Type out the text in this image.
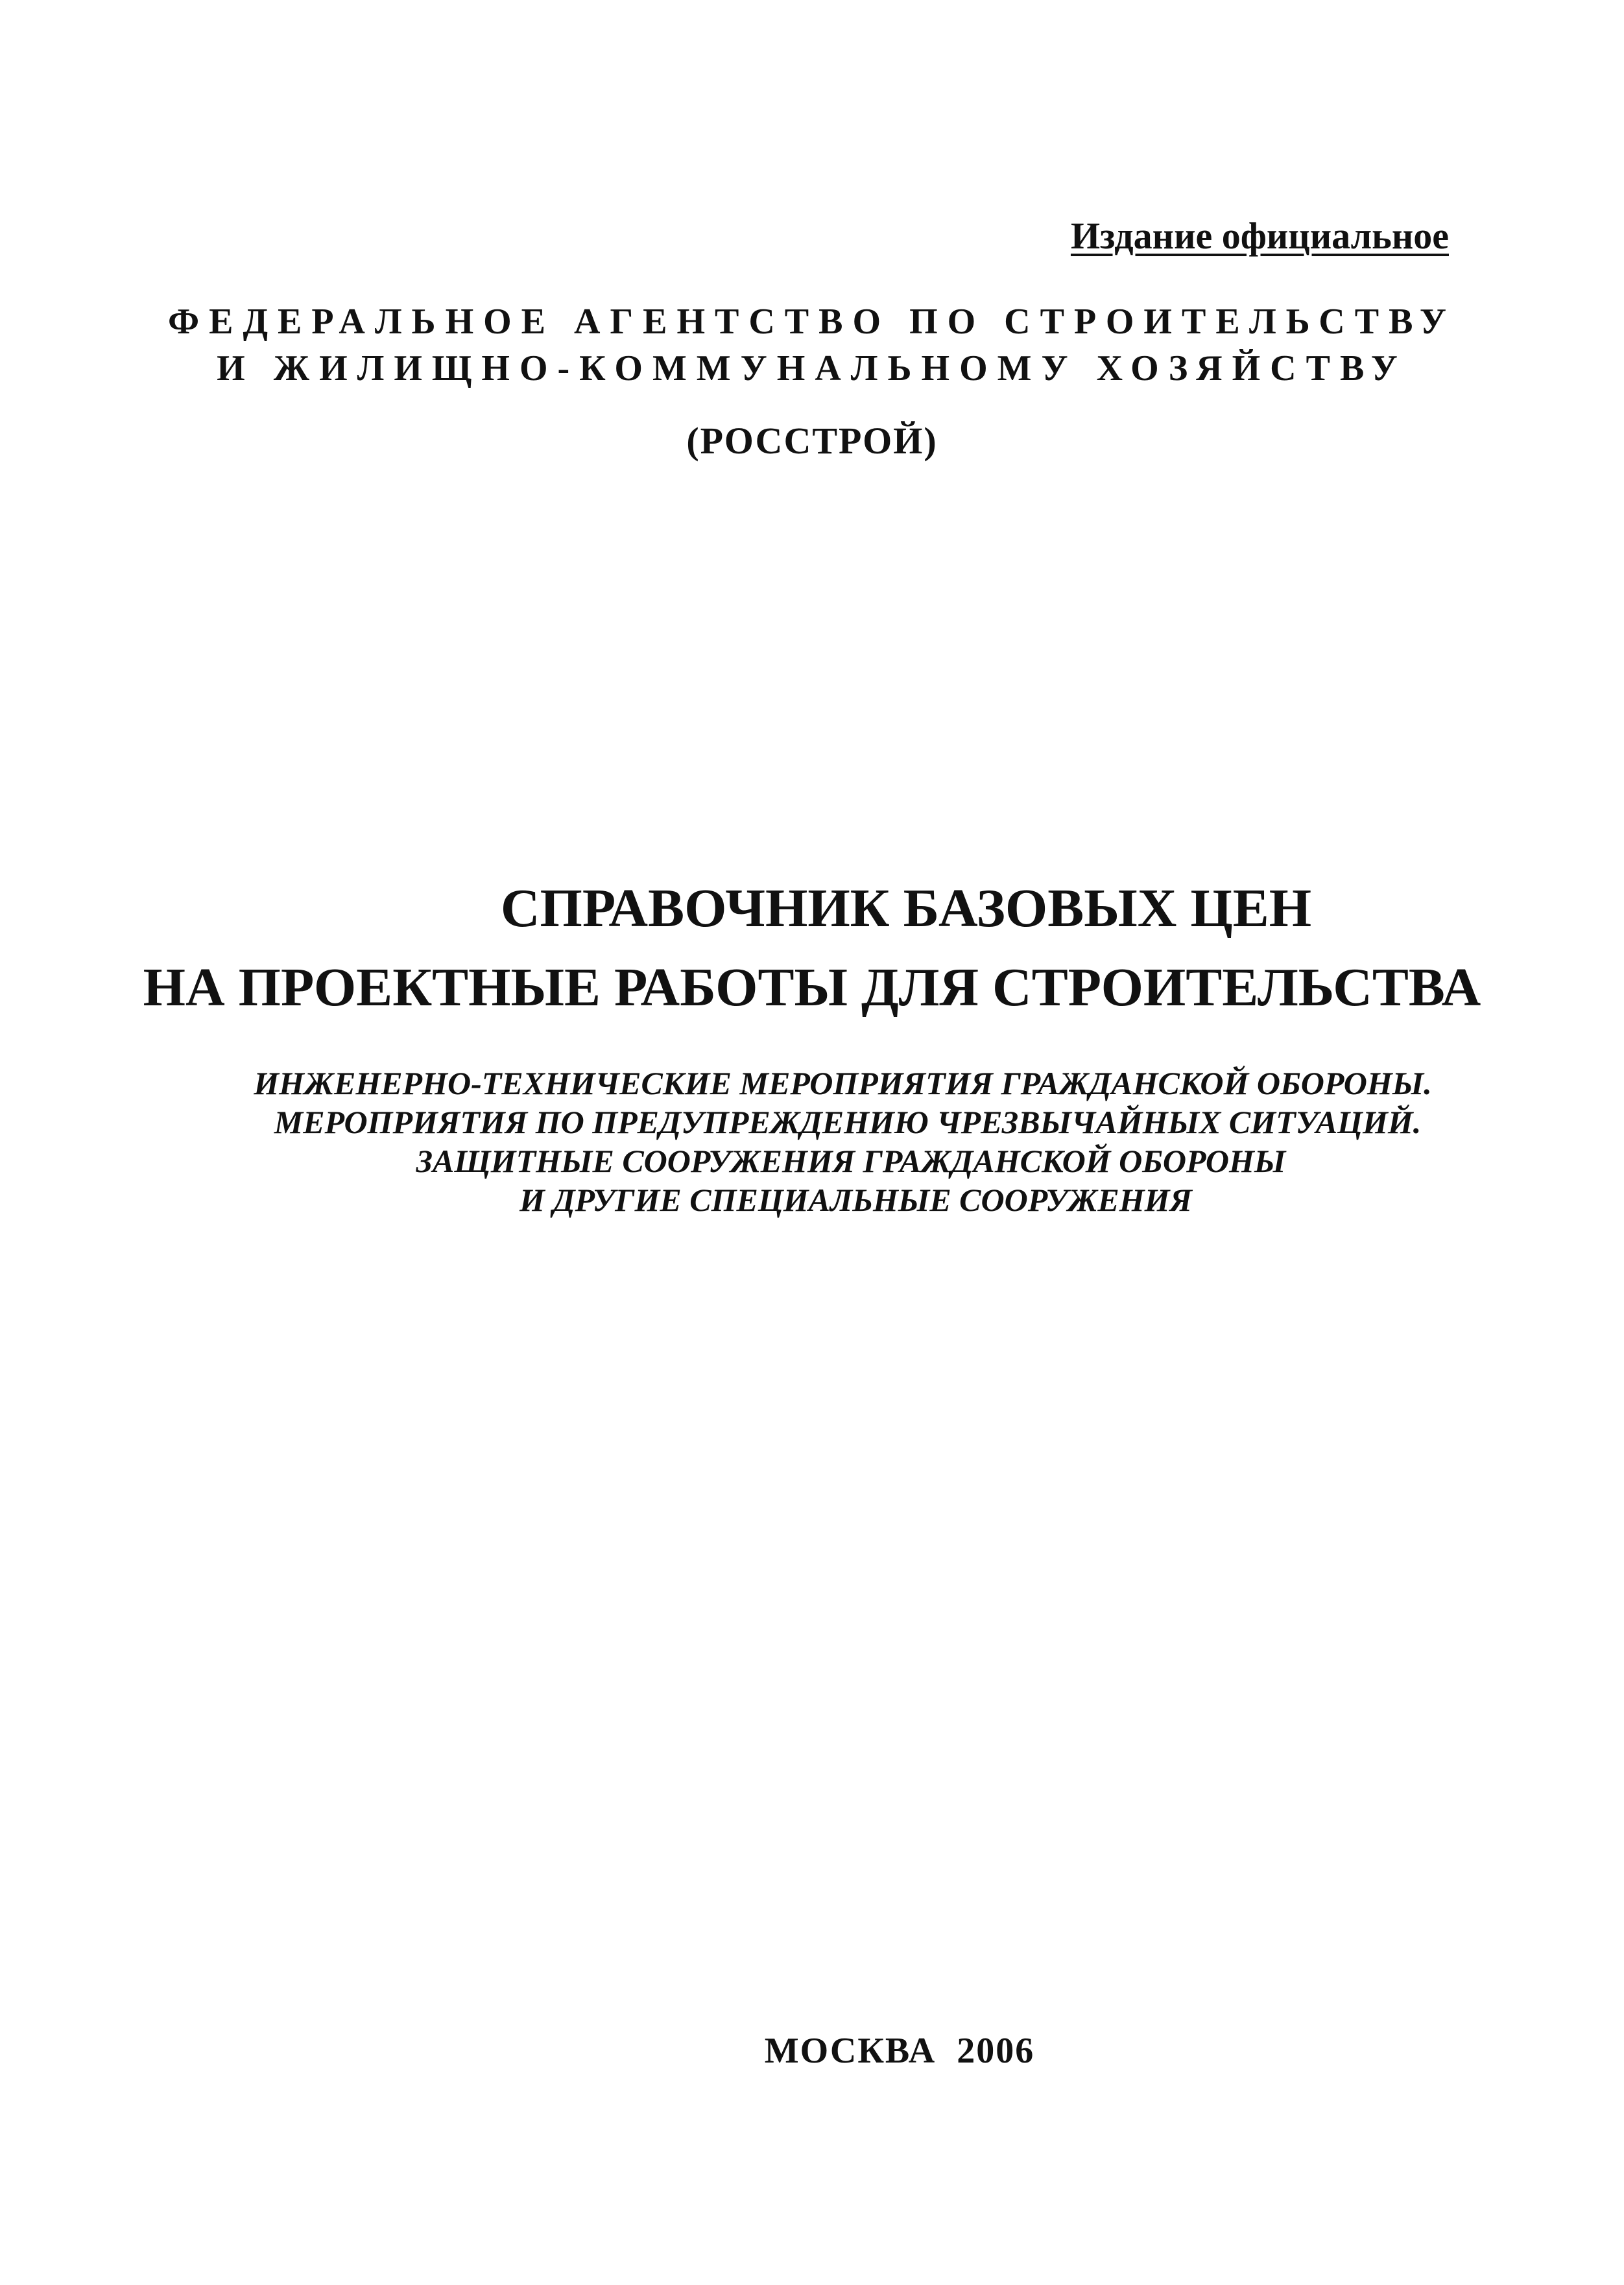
Издание официальное
ФЕДЕРАЛЬНОЕ АГЕНТСТВО ПО СТРОИТЕЛЬСТВУ
И ЖИЛИЩНО-КОММУНАЛЬНОМУ ХОЗЯЙСТВУ
(РОССТРОЙ)
СПРАВОЧНИК БАЗОВЫХ ЦЕН
НА ПРОЕКТНЫЕ РАБОТЫ ДЛЯ СТРОИТЕЛЬСТВА
ИНЖЕНЕРНО-ТЕХНИЧЕСКИЕ МЕРОПРИЯТИЯ ГРАЖДАНСКОЙ ОБОРОНЫ.
МЕРОПРИЯТИЯ ПО ПРЕДУПРЕЖДЕНИЮ ЧРЕЗВЫЧАЙНЫХ СИТУАЦИЙ.
ЗАЩИТНЫЕ СООРУЖЕНИЯ ГРАЖДАНСКОЙ ОБОРОНЫ
И ДРУГИЕ СПЕЦИАЛЬНЫЕ СООРУЖЕНИЯ
МОСКВА  2006
